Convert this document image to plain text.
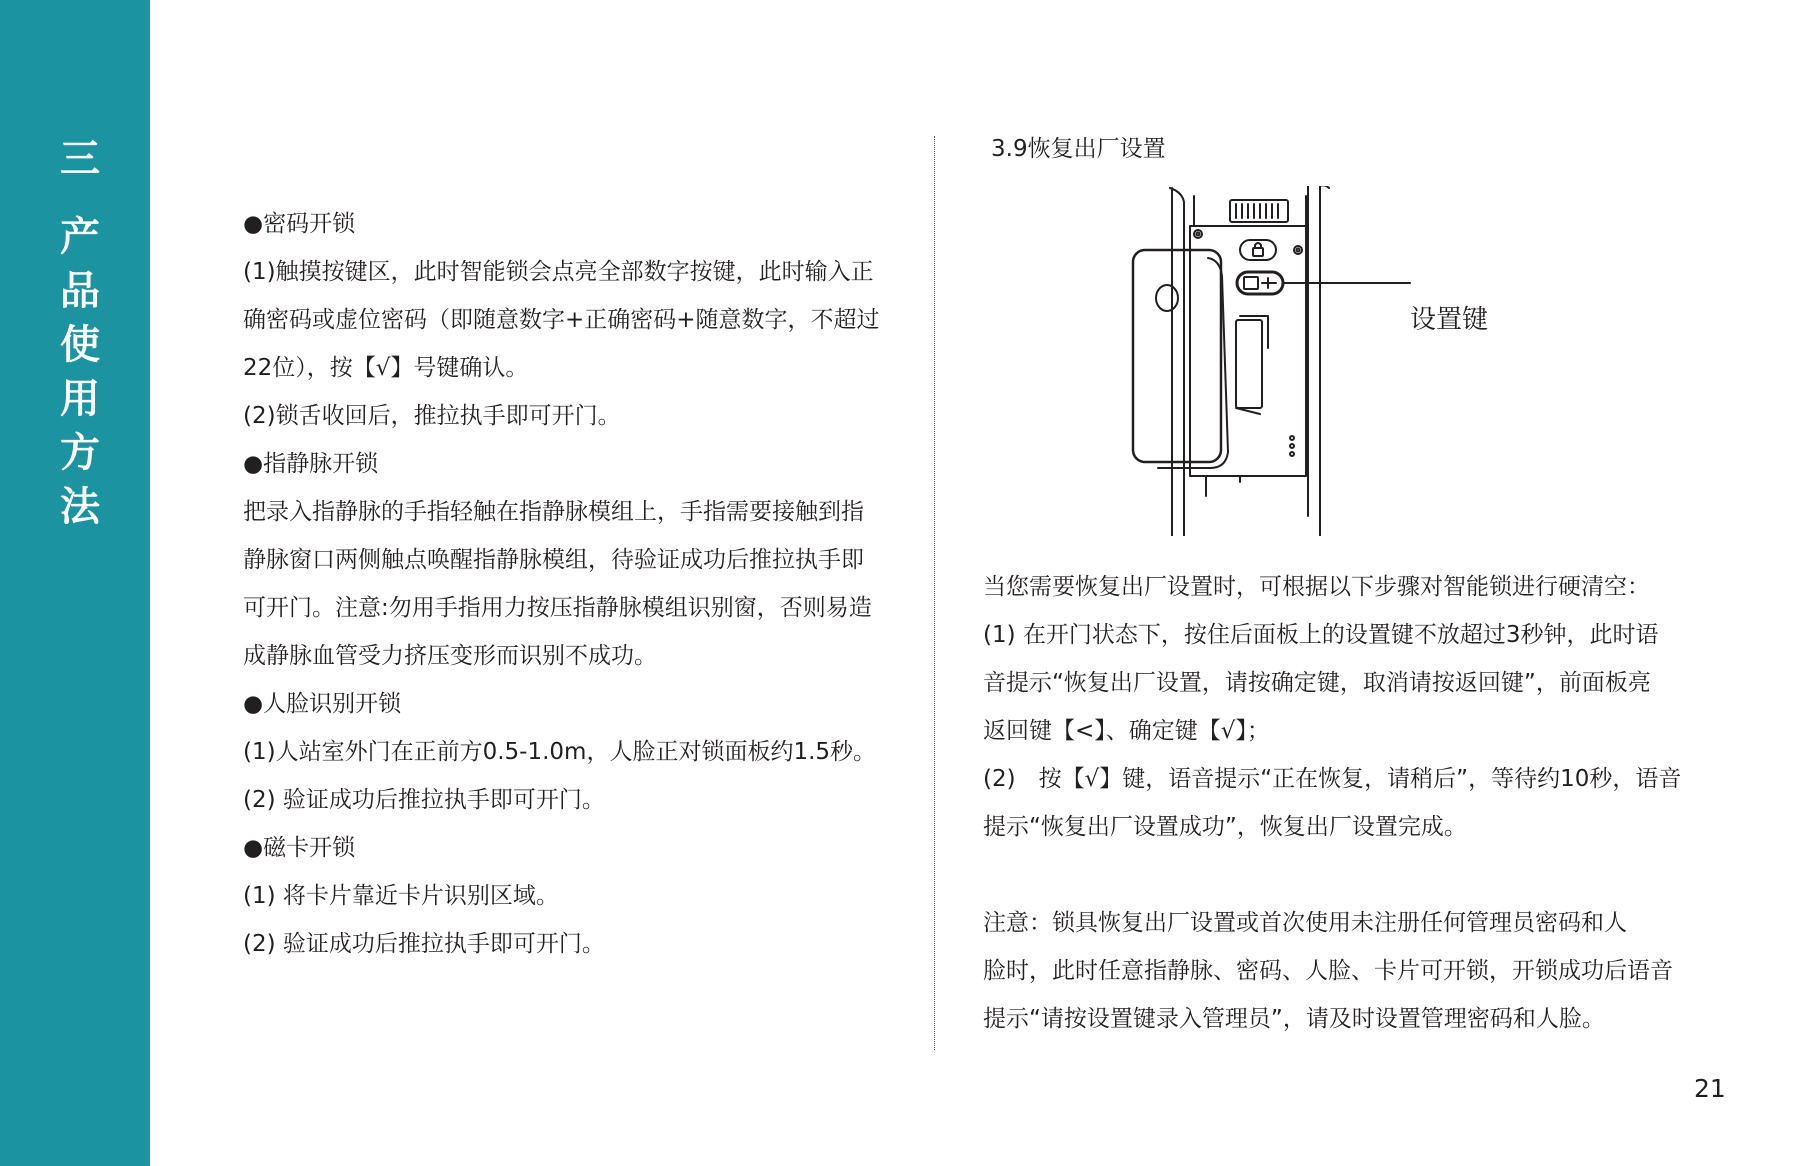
三
产
品
使
用
方
法

●密码开锁

(1)触摸按键区，此时智能锁会点亮全部数字按键，此时输入正

确密码或虚位密码（即随意数字+正确密码+随意数字，不超过

22位），按【√】号键确认。

(2)锁舌收回后，推拉执手即可开门。

●指静脉开锁

把录入指静脉的手指轻触在指静脉模组上，手指需要接触到指

静脉窗口两侧触点唤醒指静脉模组，待验证成功后推拉执手即

可开门。注意:勿用手指用力按压指静脉模组识别窗，否则易造

成静脉血管受力挤压变形而识别不成功。

●人脸识别开锁

(1)人站室外门在正前方0.5-1.0m，人脸正对锁面板约1.5秒。

(2) 验证成功后推拉执手即可开门。

●磁卡开锁

(1) 将卡片靠近卡片识别区域。

(2) 验证成功后推拉执手即可开门。

3.9恢复出厂设置
设置键

当您需要恢复出厂设置时，可根据以下步骤对智能锁进行硬清空：

(1) 在开门状态下，按住后面板上的设置键不放超过3秒钟，此时语

音提示“恢复出厂设置，请按确定键，取消请按返回键”，前面板亮

返回键【<】、确定键【√】；

(2)　按【√】键，语音提示“正在恢复，请稍后”，等待约10秒，语音

提示“恢复出厂设置成功”，恢复出厂设置完成。

注意：锁具恢复出厂设置或首次使用未注册任何管理员密码和人

脸时，此时任意指静脉、密码、人脸、卡片可开锁，开锁成功后语音

提示“请按设置键录入管理员”，请及时设置管理密码和人脸。

21
